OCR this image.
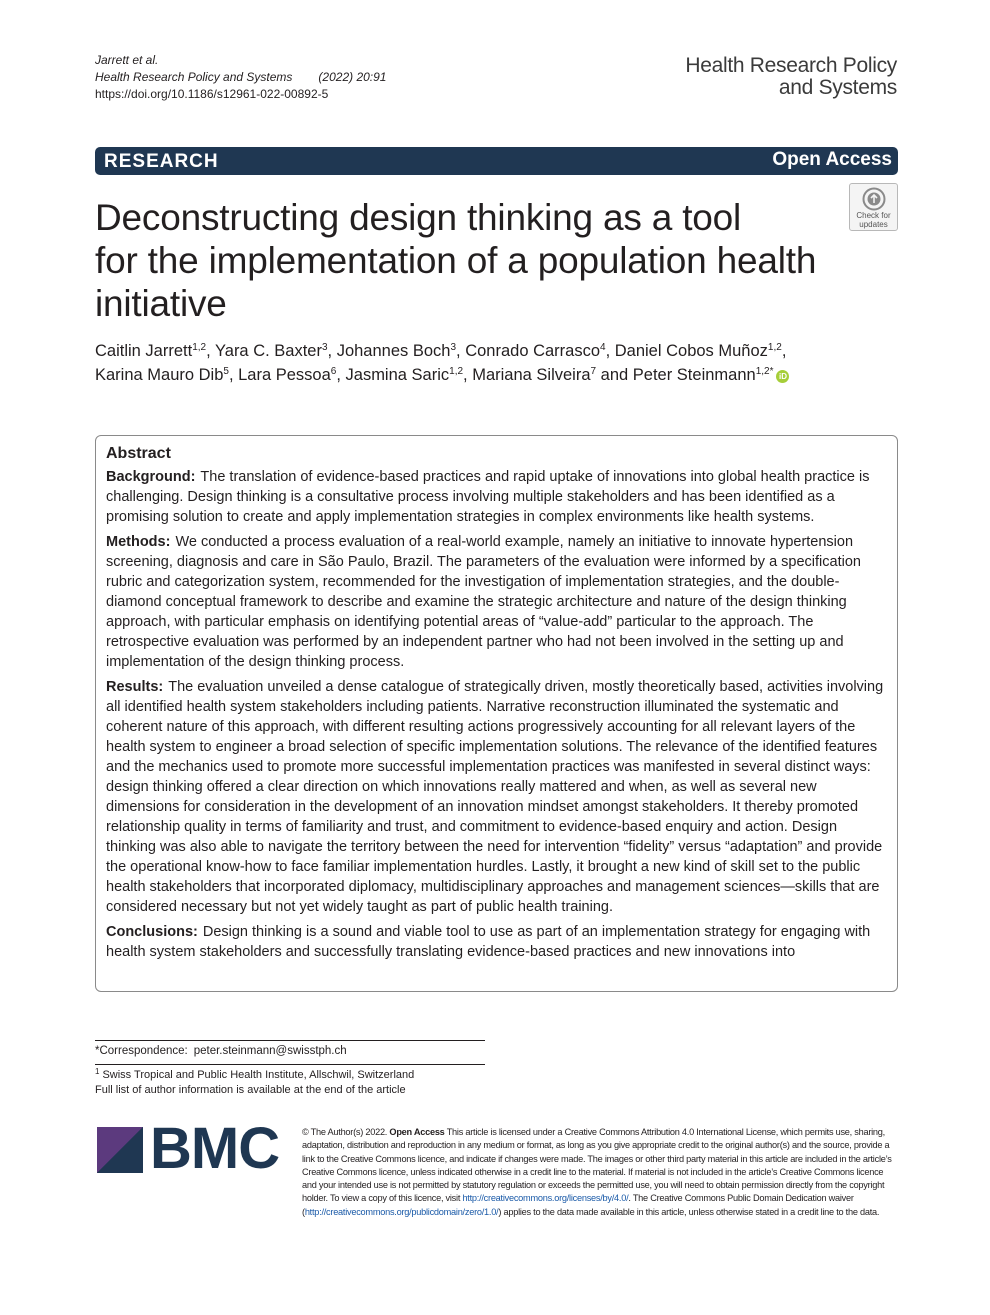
Jarrett et al.
Health Research Policy and Systems (2022) 20:91
https://doi.org/10.1186/s12961-022-00892-5
Health Research Policy
and Systems
RESEARCH	Open Access
Check for
updates
Deconstructing design thinking as a tool
for the implementation of a population health
initiative
Caitlin Jarrett$^{1,2}$, Yara C. Baxter$^3$, Johannes Boch$^3$, Conrado Carrasco$^4$, Daniel Cobos Muñoz$^{1,2}$,
Karina Mauro Dib$^5$, Lara Pessoa$^6$, Jasmina Saric$^{1,2}$, Mariana Silveira$^7$ and Peter Steinmann$^{1,2*}$ iD
Abstract
Background: The translation of evidence-based practices and rapid uptake of innovations into global health practice is challenging. Design thinking is a consultative process involving multiple stakeholders and has been identified as a promising solution to create and apply implementation strategies in complex environments like health systems.
Methods: We conducted a process evaluation of a real-world example, namely an initiative to innovate hypertension screening, diagnosis and care in São Paulo, Brazil. The parameters of the evaluation were informed by a specification rubric and categorization system, recommended for the investigation of implementation strategies, and the double-diamond conceptual framework to describe and examine the strategic architecture and nature of the design thinking approach, with particular emphasis on identifying potential areas of “value-add” particular to the approach. The retrospective evaluation was performed by an independent partner who had not been involved in the setting up and implementation of the design thinking process.
Results: The evaluation unveiled a dense catalogue of strategically driven, mostly theoretically based, activities involving all identified health system stakeholders including patients. Narrative reconstruction illuminated the systematic and coherent nature of this approach, with different resulting actions progressively accounting for all relevant layers of the health system to engineer a broad selection of specific implementation solutions. The relevance of the identified features and the mechanics used to promote more successful implementation practices was manifested in several distinct ways: design thinking offered a clear direction on which innovations really mattered and when, as well as several new dimensions for consideration in the development of an innovation mindset amongst stakeholders. It thereby promoted relationship quality in terms of familiarity and trust, and commitment to evidence-based enquiry and action. Design thinking was also able to navigate the territory between the need for intervention “fidelity” versus “adaptation” and provide the operational know-how to face familiar implementation hurdles. Lastly, it brought a new kind of skill set to the public health stakeholders that incorporated diplomacy, multidisciplinary approaches and management sciences—skills that are considered necessary but not yet widely taught as part of public health training.
Conclusions: Design thinking is a sound and viable tool to use as part of an implementation strategy for engaging with health system stakeholders and successfully translating evidence-based practices and new innovations into
*Correspondence: peter.steinmann@swisstph.ch
$^1$ Swiss Tropical and Public Health Institute, Allschwil, Switzerland
Full list of author information is available at the end of the article
BMC © The Author(s) 2022. Open Access This article is licensed under a Creative Commons Attribution 4.0 International License, which permits use, sharing, adaptation, distribution and reproduction in any medium or format, as long as you give appropriate credit to the original author(s) and the source, provide a link to the Creative Commons licence, and indicate if changes were made. The images or other third party material in this article are included in the article’s Creative Commons licence, unless indicated otherwise in a credit line to the material. If material is not included in the article’s Creative Commons licence and your intended use is not permitted by statutory regulation or exceeds the permitted use, you will need to obtain permission directly from the copyright holder. To view a copy of this licence, visit http://creativecommons.org/licenses/by/4.0/. The Creative Commons Public Domain Dedication waiver (http://creativecommons.org/publicdomain/zero/1.0/) applies to the data made available in this article, unless otherwise stated in a credit line to the data.
